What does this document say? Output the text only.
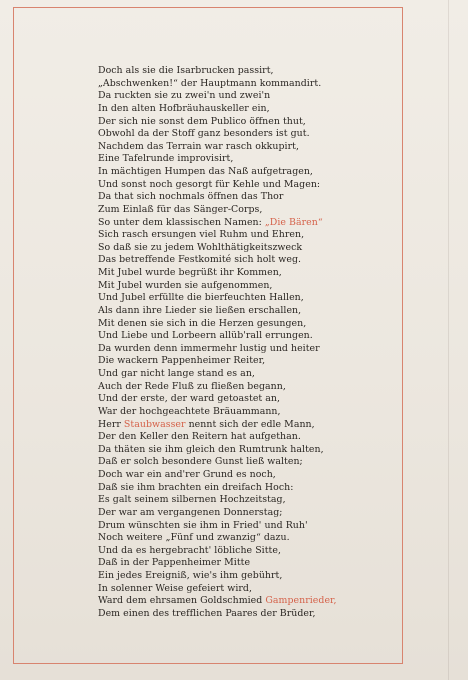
Doch als sie die Isarbrucken passirt,
„Abschwenken!“ der Hauptmann kommandirt.
Da ruckten sie zu zwei'n und zwei'n
In den alten Hofbräuhauskeller ein,
Der sich nie sonst dem Publico öffnen thut,
Obwohl da der Stoff ganz besonders ist gut.
Nachdem das Terrain war rasch okkupirt,
Eine Tafelrunde improvisirt,
In mächtigen Humpen das Naß aufgetragen,
Und sonst noch gesorgt für Kehle und Magen:
Da that sich nochmals öffnen das Thor
Zum Einlaß für das Sänger-Corps,
So unter dem klassischen Namen: „Die Bären“
Sich rasch ersungen viel Ruhm und Ehren,
So daß sie zu jedem Wohlthätigkeitszweck
Das betreffende Festkomité sich holt weg.
Mit Jubel wurde begrüßt ihr Kommen,
Mit Jubel wurden sie aufgenommen,
Und Jubel erfüllte die bierfeuchten Hallen,
Als dann ihre Lieder sie ließen erschallen,
Mit denen sie sich in die Herzen gesungen,
Und Liebe und Lorbeern allüb'rall errungen.
Da wurden denn immermehr lustig und heiter
Die wackern Pappenheimer Reiter,
Und gar nicht lange stand es an,
Auch der Rede Fluß zu fließen begann,
Und der erste, der ward getoastet an,
War der hochgeachtete Bräuammann,
Herr Staubwasser nennt sich der edle Mann,
Der den Keller den Reitern hat aufgethan.
Da thäten sie ihm gleich den Rumtrunk halten,
Daß er solch besondere Gunst ließ walten;
Doch war ein and'rer Grund es noch,
Daß sie ihm brachten ein dreifach Hoch:
Es galt seinem silbernen Hochzeitstag,
Der war am vergangenen Donnerstag;
Drum wünschten sie ihm in Fried' und Ruh'
Noch weitere „Fünf und zwanzig“ dazu.
Und da es hergebracht' löbliche Sitte,
Daß in der Pappenheimer Mitte
Ein jedes Ereigniß, wie's ihm gebührt,
In solenner Weise gefeiert wird,
Ward dem ehrsamen Goldschmied Gampenrieder,
Dem einen des trefflichen Paares der Brüder,
